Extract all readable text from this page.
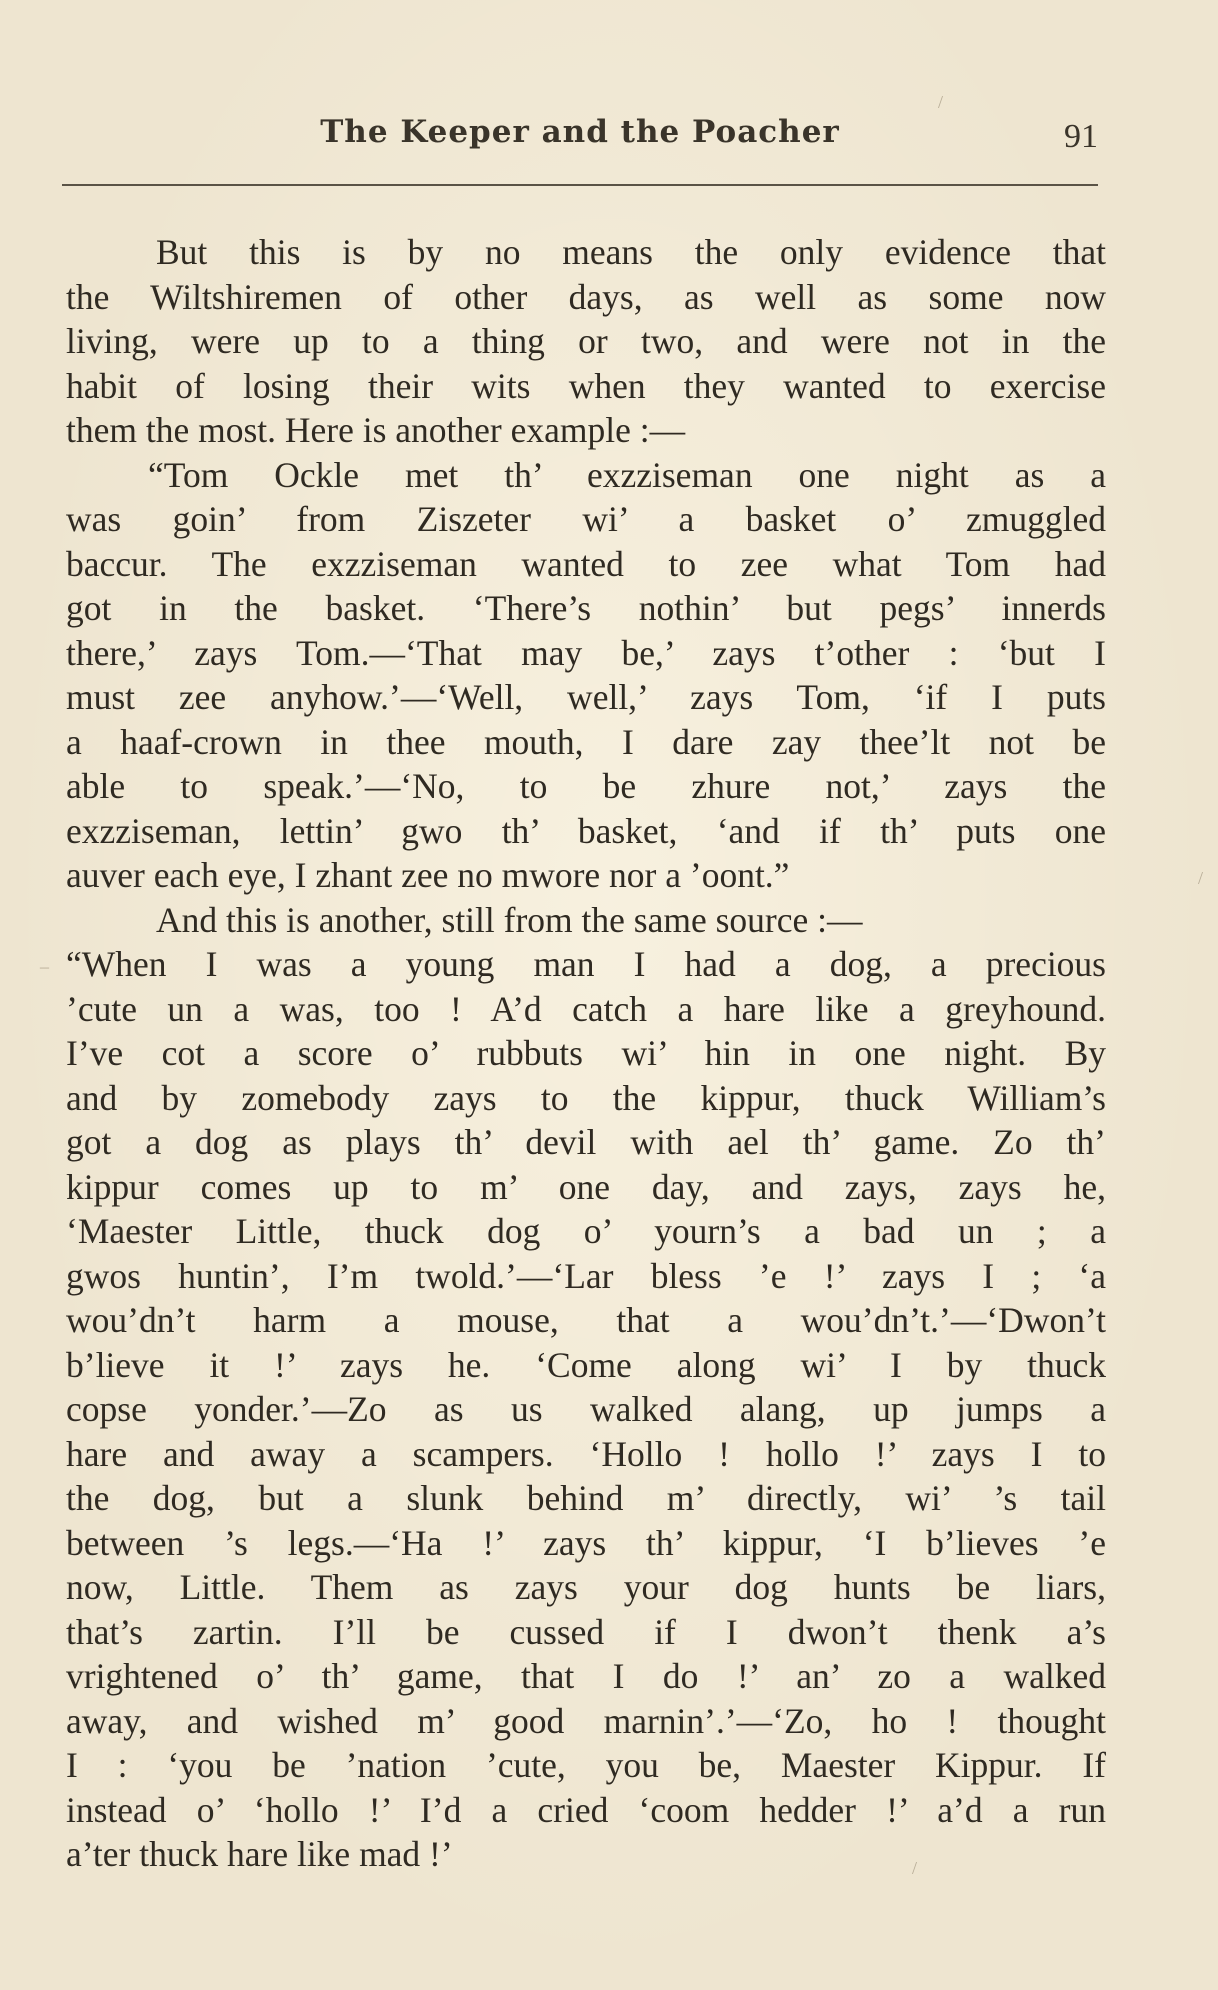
The Keeper and the Poacher	91
But this is by no means the only evidence that
the Wiltshiremen of other days, as well as some now
living, were up to a thing or two, and were not in the
habit of losing their wits when they wanted to exercise
them the most. Here is another example :—
“Tom Ockle met th’ exzziseman one night as a
was goin’ from Ziszeter wi’ a basket o’ zmuggled
baccur. The exzziseman wanted to zee what Tom had
got in the basket. ‘There’s nothin’ but pegs’ innerds
there,’ zays Tom.—‘That may be,’ zays t’other : ‘but I
must zee anyhow.’—‘Well, well,’ zays Tom, ‘if I puts
a haaf-crown in thee mouth, I dare zay thee’lt not be
able to speak.’—‘No, to be zhure not,’ zays the
exzziseman, lettin’ gwo th’ basket, ‘and if th’ puts one
auver each eye, I zhant zee no mwore nor a ’oont.”
And this is another, still from the same source :—
“When I was a young man I had a dog, a precious
’cute un a was, too ! A’d catch a hare like a greyhound.
I’ve cot a score o’ rubbuts wi’ hin in one night. By
and by zomebody zays to the kippur, thuck William’s
got a dog as plays th’ devil with ael th’ game. Zo th’
kippur comes up to m’ one day, and zays, zays he,
‘Maester Little, thuck dog o’ yourn’s a bad un ; a
gwos huntin’, I’m twold.’—‘Lar bless ’e !’ zays I ; ‘a
wou’dn’t harm a mouse, that a wou’dn’t.’—‘Dwon’t
b’lieve it !’ zays he. ‘Come along wi’ I by thuck
copse yonder.’—Zo as us walked alang, up jumps a
hare and away a scampers. ‘Hollo ! hollo !’ zays I to
the dog, but a slunk behind m’ directly, wi’ ’s tail
between ’s legs.—‘Ha !’ zays th’ kippur, ‘I b’lieves ’e
now, Little. Them as zays your dog hunts be liars,
that’s zartin. I’ll be cussed if I dwon’t thenk a’s
vrightened o’ th’ game, that I do !’ an’ zo a walked
away, and wished m’ good marnin’.’—‘Zo, ho ! thought
I : ‘you be ’nation ’cute, you be, Maester Kippur. If
instead o’ ‘hollo !’ I’d a cried ‘coom hedder !’ a’d a run
a’ter thuck hare like mad !’
/
/
_
/
